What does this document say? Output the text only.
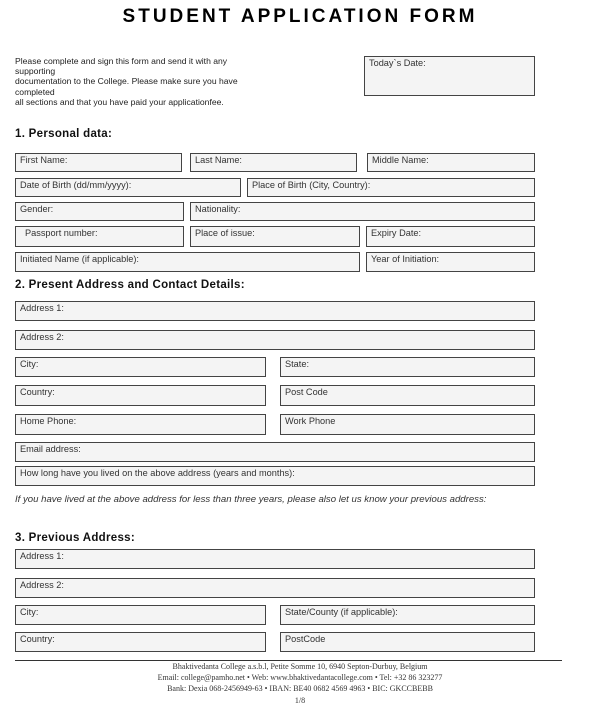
STUDENT APPLICATION FORM
Please complete and sign this form and send it with any
supporting
documentation to the College. Please make sure you have
completed
all sections and that you have paid your applicationfee.
Today`s Date:
1. Personal data:
First Name:	Last Name:	Middle Name:
Date of Birth (dd/mm/yyyy):	Place of Birth (City, Country):
Gender:	Nationality:
Passport number:	Place of issue:	Expiry Date:
Initiated Name (if applicable):	Year of Initiation:
2. Present Address and Contact Details:
Address 1:
Address 2:
City:	State:
Country:	Post Code
Home Phone:	Work Phone
Email address:
How long have you lived on the above address (years and months):
If you have lived at the above address for less than three years, please also let us know your previous address:
3. Previous Address:
Address 1:
Address 2:
City:	State/County (if applicable):
Country:	PostCode
Bhaktivedanta College a.s.b.l, Petite Somme 10, 6940 Septon-Durbuy, Belgium
Email: college@pamho.net • Web: www.bhaktivedantacollege.com • Tel: +32 86 323277
Bank: Dexia 068-2456949-63 • IBAN: BE40 0682 4569 4963 • BIC: GKCCBEBB
1/8
